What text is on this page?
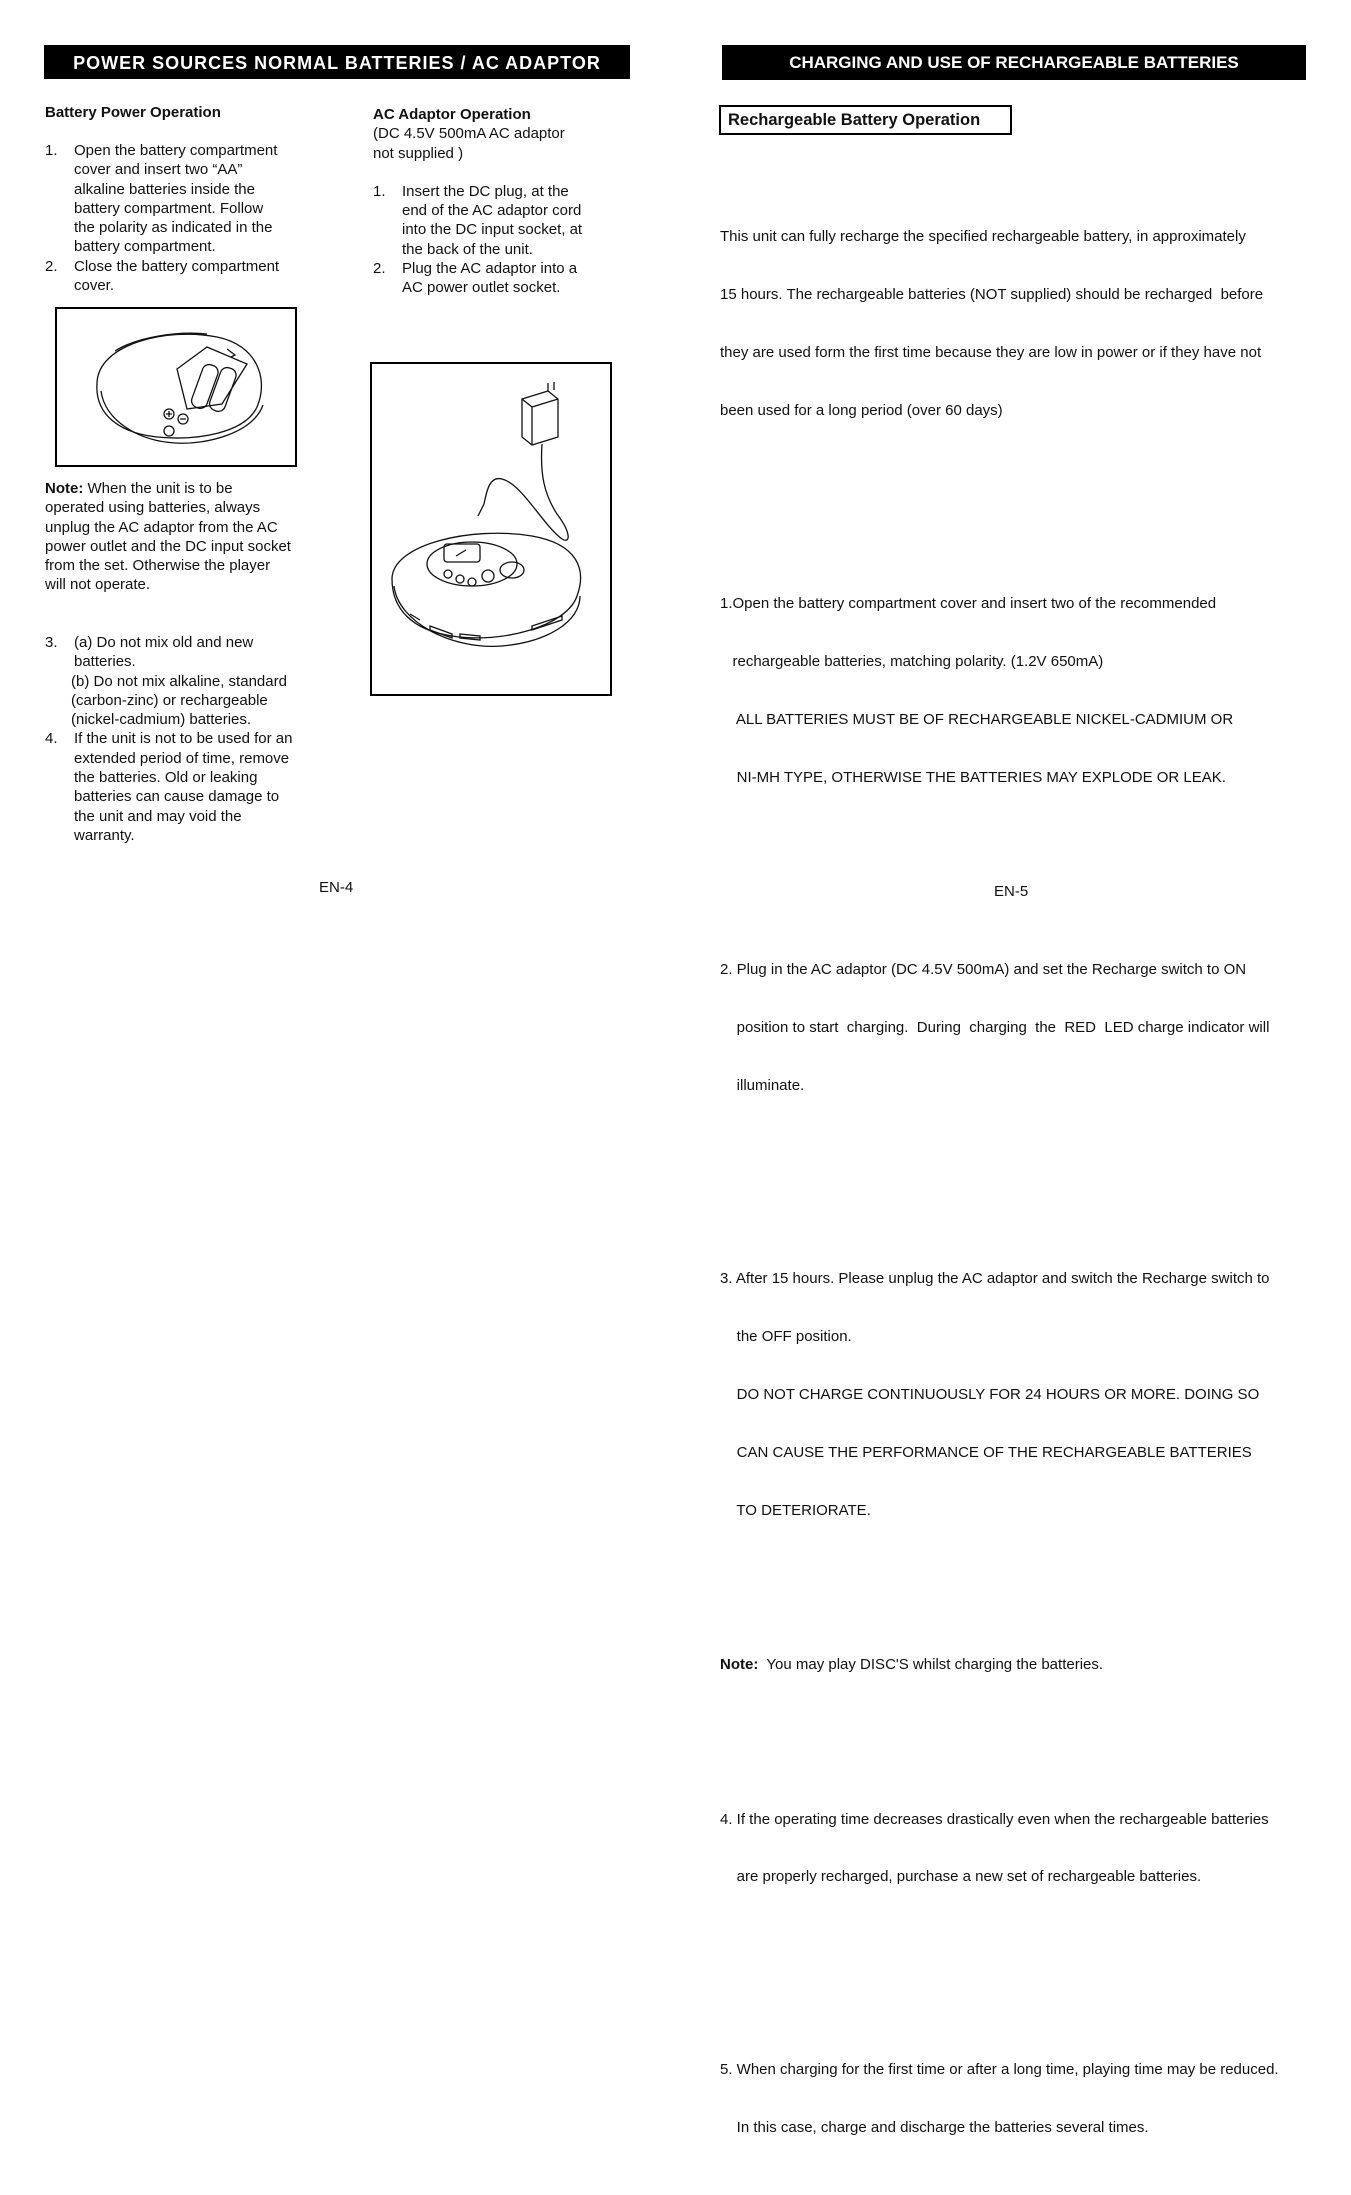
POWER SOURCES NORMAL BATTERIES / AC ADAPTOR
Battery Power Operation
1. Open the battery compartment
cover and insert two “AA”
alkaline batteries inside the
battery compartment. Follow
the polarity as indicated in the
battery compartment.
2. Close the battery compartment
cover.
Note: When the unit is to be
operated using batteries, always
unplug the AC adaptor from the AC
power outlet and the DC input socket
from the set. Otherwise the player
will not operate.
3. (a) Do not mix old and new
batteries.
(b) Do not mix alkaline, standard
(carbon-zinc) or rechargeable
(nickel-cadmium) batteries.
4. If the unit is not to be used for an
extended period of time, remove
the batteries. Old or leaking
batteries can cause damage to
the unit and may void the
warranty.
AC Adaptor Operation
(DC 4.5V 500mA AC adaptor
not supplied )
1. Insert the DC plug, at the
end of the AC adaptor cord
into the DC input socket, at
the back of the unit.
2. Plug the AC adaptor into a
AC power outlet socket.
EN-4
CHARGING AND USE OF RECHARGEABLE BATTERIES
Rechargeable Battery Operation

This unit can fully recharge the specified rechargeable battery, in approximately

15 hours. The rechargeable batteries (NOT supplied) should be recharged  before

they are used form the first time because they are low in power or if they have not

been used for a long period (over 60 days)

1.Open the battery compartment cover and insert two of the recommended

rechargeable batteries, matching polarity. (1.2V 650mA)

ALL BATTERIES MUST BE OF RECHARGEABLE NICKEL-CADMIUM OR

NI-MH TYPE, OTHERWISE THE BATTERIES MAY EXPLODE OR LEAK.

2. Plug in the AC adaptor (DC 4.5V 500mA) and set the Recharge switch to ON

position to start  charging.  During  charging  the  RED  LED charge indicator will

illuminate.

3. After 15 hours. Please unplug the AC adaptor and switch the Recharge switch to

the OFF position.

DO NOT CHARGE CONTINUOUSLY FOR 24 HOURS OR MORE. DOING SO

CAN CAUSE THE PERFORMANCE OF THE RECHARGEABLE BATTERIES

TO DETERIORATE.

Note:  You may play DISC'S whilst charging the batteries.

4. If the operating time decreases drastically even when the rechargeable batteries

are properly recharged, purchase a new set of rechargeable batteries.

5. When charging for the first time or after a long time, playing time may be reduced.

In this case, charge and discharge the batteries several times.

EN-5
